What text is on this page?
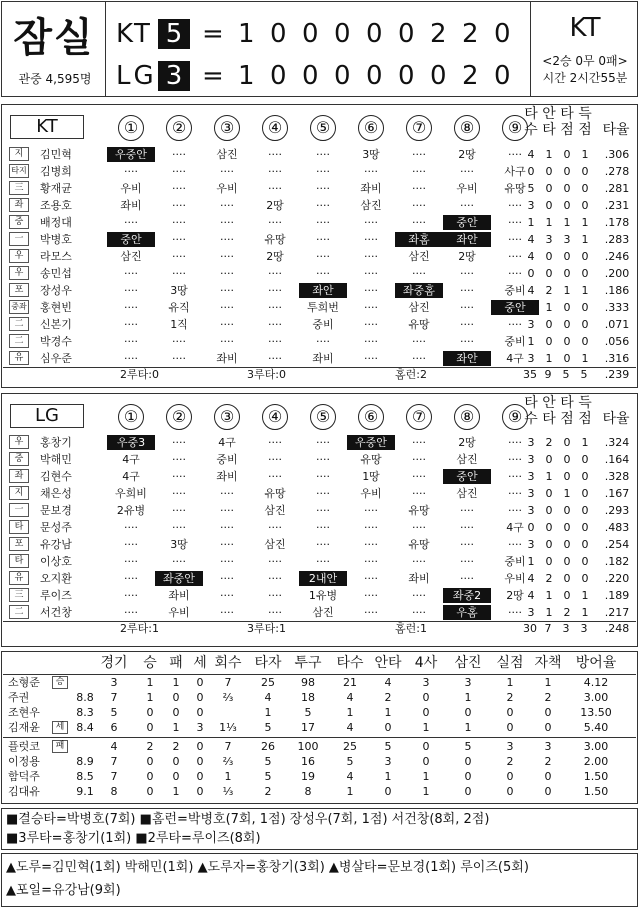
잠실
관중 4,595명
KT 5 = 1 0 0 0 0 0 2 2 0
LG 3 = 1 0 0 0 0 0 0 2 0
KT
<2승 0무 0패>
시간 2시간55분
KT	①	②	③	④	⑤	⑥	⑦	⑧	⑨
타
수
안
타
타
점
득
점 타율
지	김민혁	우중안	····	삼진	····	····	3땅	····	2땅	···· 4	1	0	1	.306
타지 김병희	····	····	····	····	····	····	····	····	사구 0	0	0	0	.278
三	황재균	우비	····	우비	····	····	좌비	····	우비	유땅 5	0	0	0	.281
좌	조용호	좌비	····	····	2땅	····	삼진	····	····	···· 3	0	0	0	.231
중	배정대	····	····	····	····	····	····	····	중안	···· 1	1	1	1	.178
一	박병호	중안	····	····	유땅	····	····	좌홈	좌안	···· 4	3	3	1	.283
우	라모스	삼진	····	····	2땅	····	····	삼진	2땅	···· 4	0	0	0	.246
우	송민섭	····	····	····	····	····	····	····	····	···· 0	0	0	0	.200
포	장성우	····	3땅	····	····	좌안	····	좌중홈	····	중비 4	2	1	1	.186
중좌 홍현빈	····	유직	····	····	투희번	····	삼진	····	중안 3	1	0	0	.333
二	신본기	····	1직	····	····	중비	····	유땅	····	···· 3	0	0	0	.071
二	박경수	····	····	····	····	····	····	····	····	중비 1	0	0	0	.056
유	심우준	····	····	좌비	····	좌비	····	····	좌안	4구 3	1	0	1	.316
2루타:0	3루타:0	홈런:2	35 9	5	5	.239
LG	①	②	③	④	⑤	⑥	⑦	⑧	⑨
타
수
안
타
타
점
득
점 타율
우	홍창기	우중3	····	4구	····	····	우중안	····	2땅	···· 3	2	0	1	.324
중	박해민	4구	····	중비	····	····	유땅	····	삼진	···· 3	0	0	0	.164
좌	김현수	4구	····	좌비	····	····	1땅	····	중안	···· 3	1	0	0	.328
지	채은성	우희비	····	····	유땅	····	우비	····	삼진	···· 3	0	1	0	.167
一	문보경	2유병	····	····	삼진	····	····	유땅	····	···· 3	0	0	0	.293
타	문성주	····	····	····	····	····	····	····	····	4구 0	0	0	0	.483
포	유강남	····	3땅	····	삼진	····	····	유땅	····	···· 3	0	0	0	.254
타	이상호	····	····	····	····	····	····	····	····	중비 1	0	0	0	.182
유	오지환	····	좌중안	····	····	2내안	····	좌비	····	우비 4	2	0	0	.220
三	루이즈	····	좌비	····	····	1유병	····	····	좌중2	2땅 4	1	0	1	.189
二	서건창	····	우비	····	····	삼진	····	····	우홈	···· 3	1	2	1	.217
2루타:1	3루타:1	홈런:1	30 7	3	3	.248
경기 승 패 세 회수 타자 투구 타수 안타 4사	삼진 실점 자책 방어율
소형준	승	3	1	1	0	7	25	98	21	4	3	3	1	1	4.12
주권	8.8	7	1	0	0	⅔	4	18	4	2	0	1	2	2	3.00
조현우	8.3	5	0	0	0	1	5	1	1	0	0	0	0	13.50
김재윤	세	8.4	6	0	1	3	1⅓	5	17	4	0	1	1	0	0	5.40
플럿코	패	4	2	2	0	7	26	100	25	5	0	5	3	3	3.00
이정용	8.9	7	0	0	0	⅔	5	16	5	3	0	0	2	2	2.00
함덕주	8.5	7	0	0	0	1	5	19	4	1	1	0	0	0	1.50
김대유	9.1	8	0	1	0	⅓	2	8	1	0	1	0	0	0	1.50
■결승타=박병호(7회) ■홈런=박병호(7회, 1점) 장성우(7회, 1점) 서건창(8회, 2점)
■3루타=홍창기(1회) ■2루타=루이즈(8회)
▲도루=김민혁(1회) 박해민(1회) ▲도루자=홍창기(3회) ▲병살타=문보경(1회) 루이즈(5회)
▲포일=유강남(9회)
